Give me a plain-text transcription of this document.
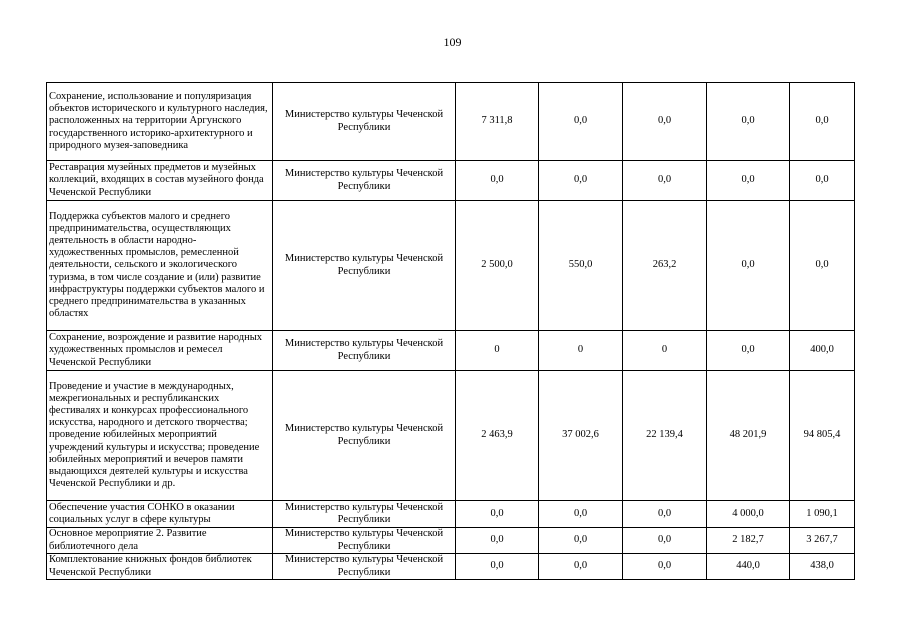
109
Сохранение, использование и популяризация объектов исторического и культурного наследия, расположенных на территории Аргунского государственного историко-архитектурного и природного музея-заповедника	Министерство культуры Чеченской Республики	7 311,8	0,0	0,0	0,0	0,0
Реставрация музейных предметов и музейных коллекций, входящих в состав музейного фонда Чеченской Республики	Министерство культуры Чеченской Республики	0,0	0,0	0,0	0,0	0,0
Поддержка субъектов малого и среднего предпринимательства, осуществляющих деятельность в области народно-художественных промыслов, ремесленной деятельности, сельского и экологического туризма, в том числе создание и (или) развитие инфраструктуры поддержки субъектов малого и среднего предпринимательства в указанных областях	Министерство культуры Чеченской Республики	2 500,0	550,0	263,2	0,0	0,0
Сохранение, возрождение и развитие народных художественных промыслов и ремесел Чеченской Республики	Министерство культуры Чеченской Республики	0	0	0	0,0	400,0
Проведение и участие в международных, межрегиональных и республиканских фестивалях и конкурсах профессионального искусства, народного и детского творчества; проведение юбилейных мероприятий учреждений культуры и искусства; проведение юбилейных мероприятий и вечеров памяти выдающихся деятелей культуры и искусства Чеченской Республики и др.	Министерство культуры Чеченской Республики	2 463,9	37 002,6	22 139,4	48 201,9	94 805,4
Обеспечение участия СОНКО в оказании социальных услуг в сфере культуры	Министерство культуры Чеченской Республики	0,0	0,0	0,0	4 000,0	1 090,1
Основное мероприятие 2. Развитие библиотечного дела	Министерство культуры Чеченской Республики	0,0	0,0	0,0	2 182,7	3 267,7
Комплектование книжных фондов библиотек Чеченской Республики	Министерство культуры Чеченской Республики	0,0	0,0	0,0	440,0	438,0
